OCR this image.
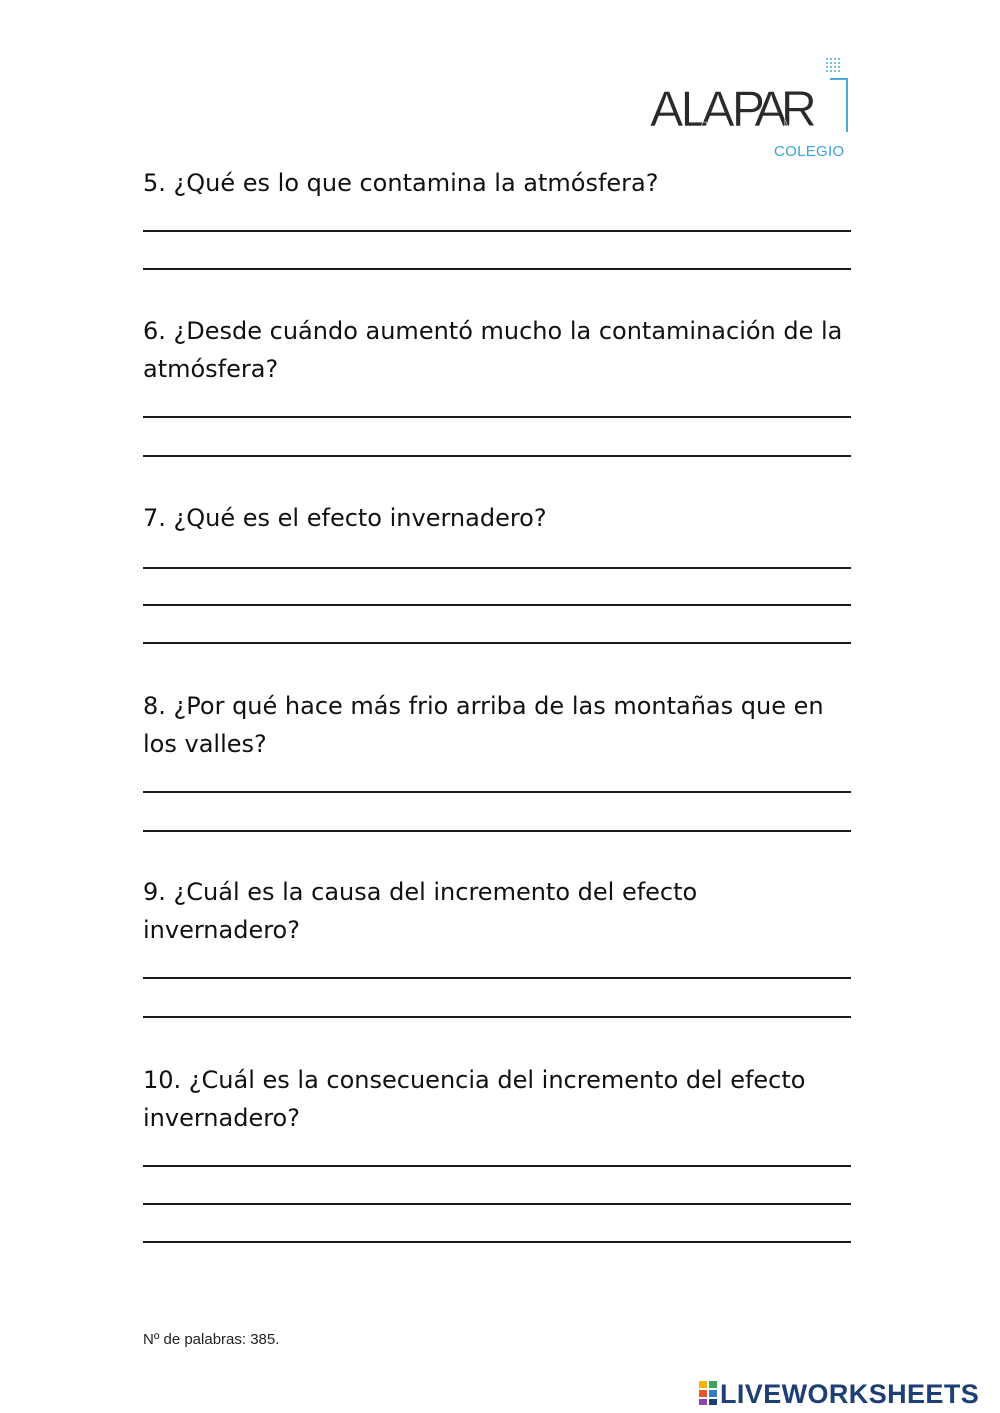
A LA PAR
COLEGIO
5. ¿Qué es lo que contamina la atmósfera?
6. ¿Desde cuándo aumentó mucho la contaminación de la
atmósfera?
7. ¿Qué es el efecto invernadero?
8. ¿Por qué hace más frio arriba de las montañas que en
los valles?
9. ¿Cuál es la causa del incremento del efecto
invernadero?
10. ¿Cuál es la consecuencia del incremento del efecto
invernadero?
Nº de palabras: 385.
LIVEWORKSHEETS
